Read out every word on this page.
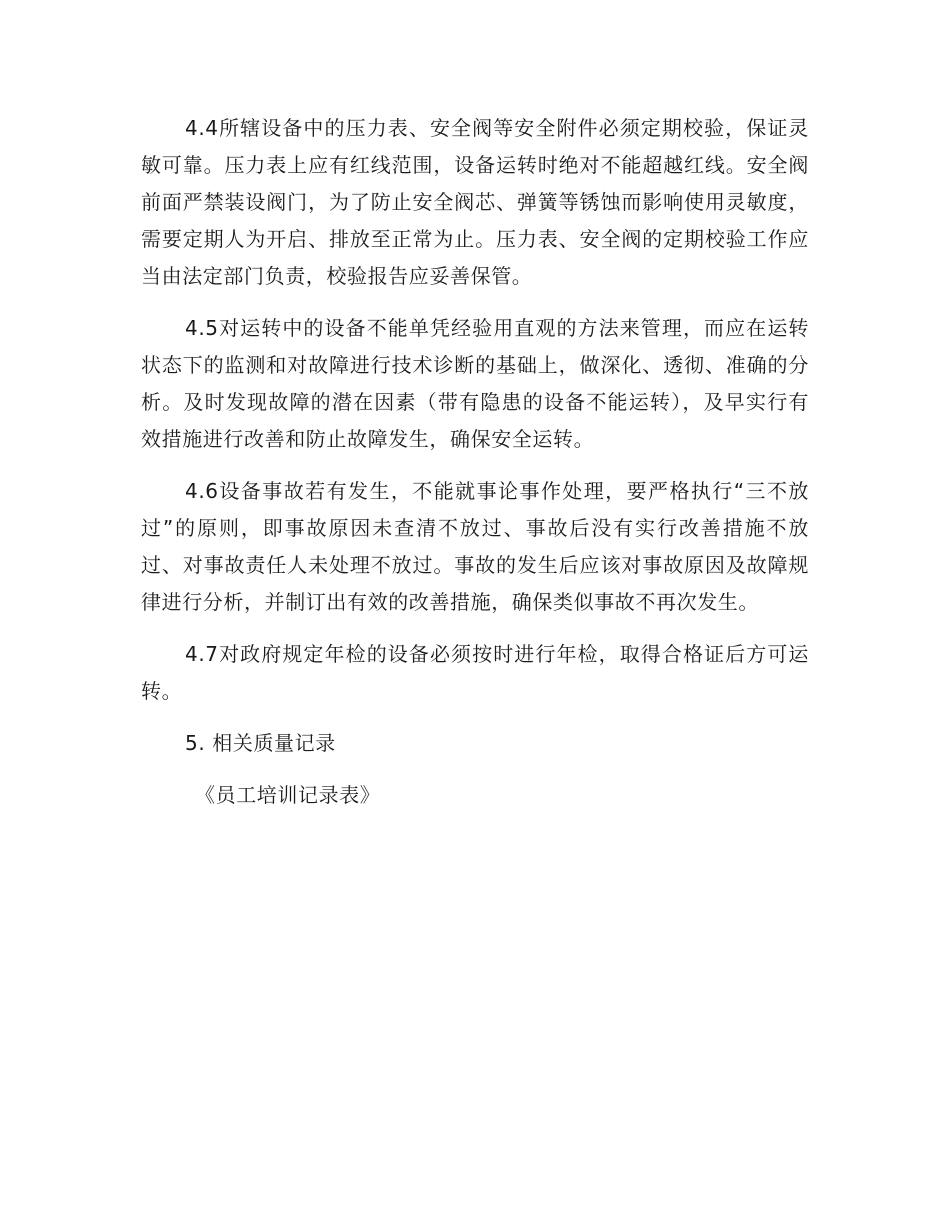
4.4所辖设备中的压力表、安全阀等安全附件必须定期校验，保证灵敏可靠。压力表上应有红线范围，设备运转时绝对不能超越红线。安全阀前面严禁装设阀门，为了防止安全阀芯、弹簧等锈蚀而影响使用灵敏度，需要定期人为开启、排放至正常为止。压力表、安全阀的定期校验工作应当由法定部门负责，校验报告应妥善保管。

4.5对运转中的设备不能单凭经验用直观的方法来管理，而应在运转状态下的监测和对故障进行技术诊断的基础上，做深化、透彻、准确的分析。及时发现故障的潜在因素（带有隐患的设备不能运转），及早实行有效措施进行改善和防止故障发生，确保安全运转。

4.6设备事故若有发生，不能就事论事作处理，要严格执行“三不放过”的原则，即事故原因未查清不放过、事故后没有实行改善措施不放过、对事故责任人未处理不放过。事故的发生后应该对事故原因及故障规律进行分析，并制订出有效的改善措施，确保类似事故不再次发生。

4.7对政府规定年检的设备必须按时进行年检，取得合格证后方可运转。

5. 相关质量记录

《员工培训记录表》
